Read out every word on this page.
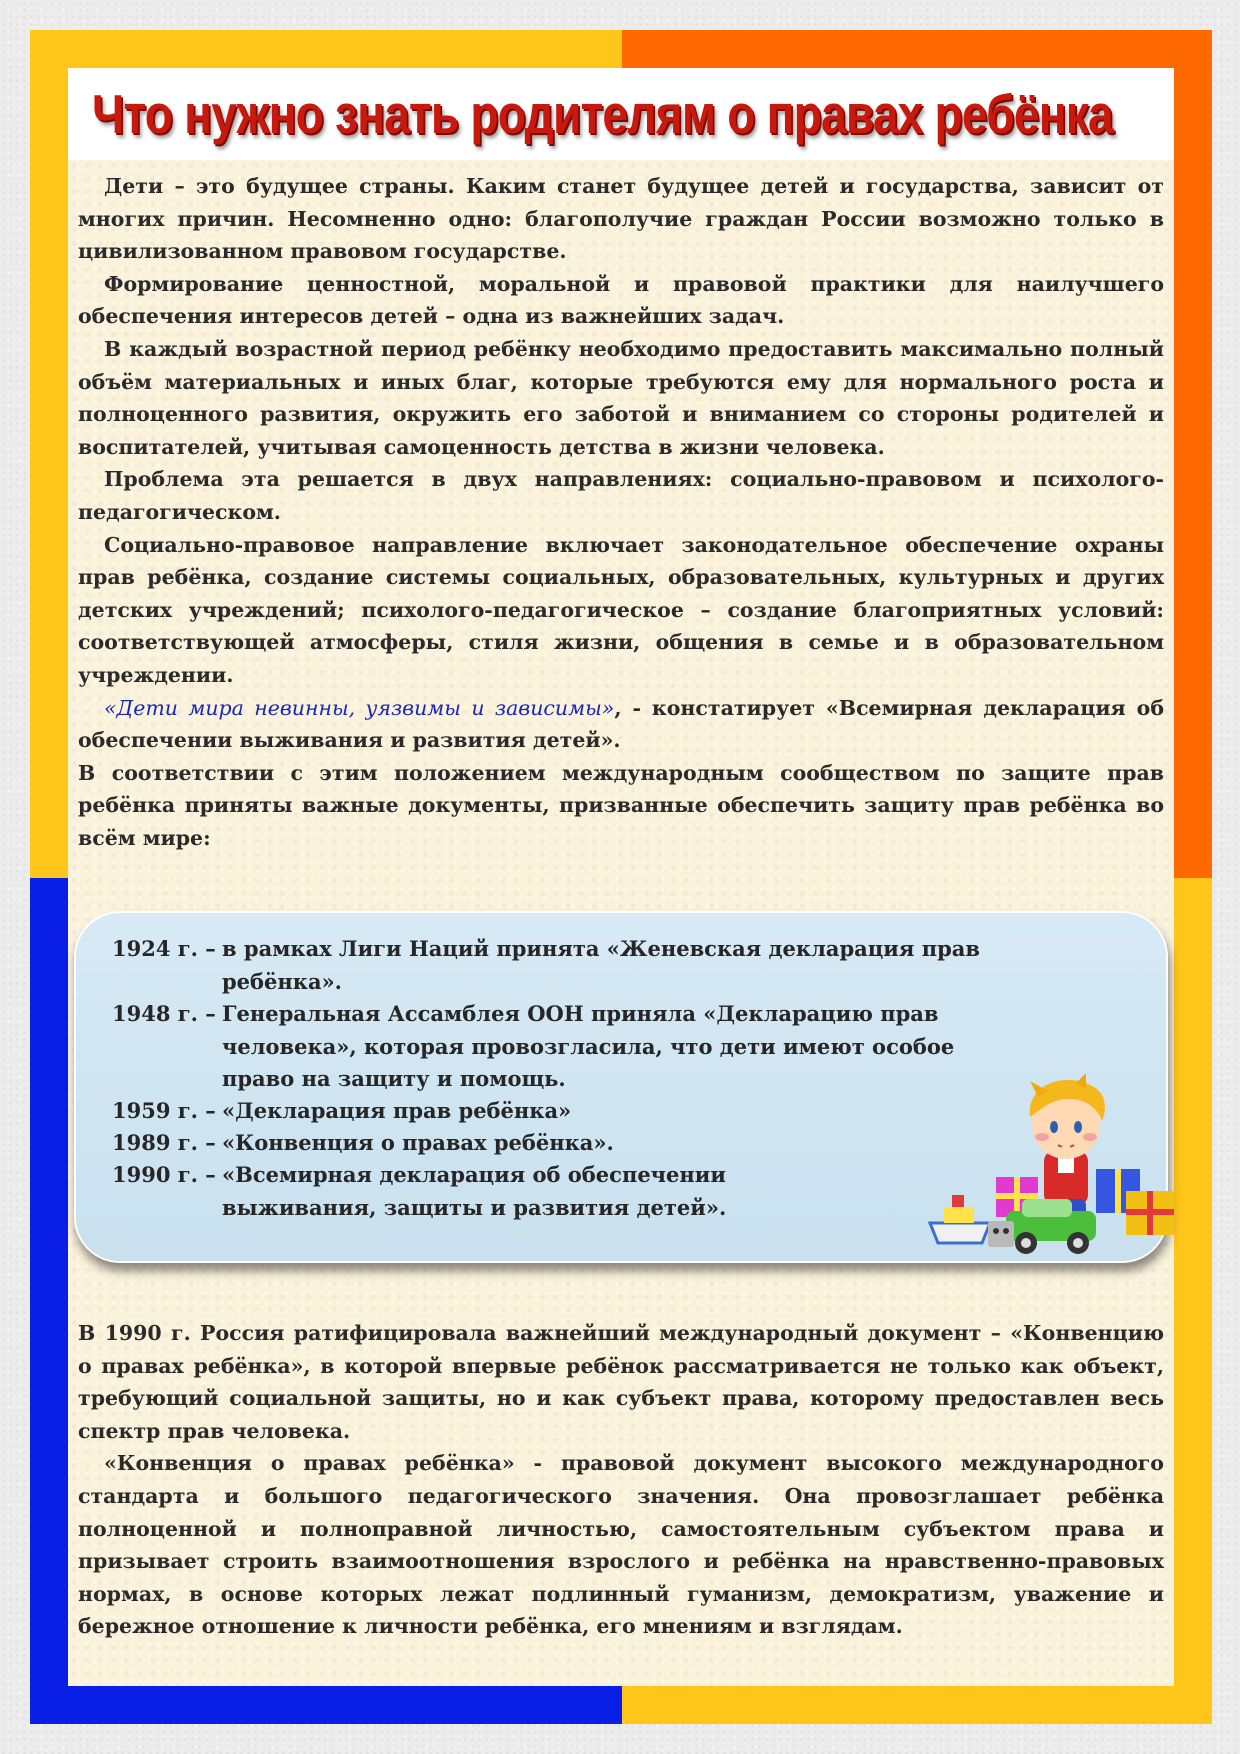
Что нужно знать родителям о правах ребёнка

Дети – это будущее страны. Каким станет будущее детей и государства, зависит от многих причин. Несомненно одно: благополучие граждан России возможно только в цивилизованном правовом государстве.

Формирование ценностной, моральной и правовой практики для наилучшего обеспечения интересов детей – одна из важнейших задач.

В каждый возрастной период ребёнку необходимо предоставить максимально полный объём материальных и иных благ, которые требуются ему для нормального роста и полноценного развития, окружить его заботой и вниманием со стороны родителей и воспитателей, учитывая самоценность детства в жизни человека.

Проблема эта решается в двух направлениях: социально-правовом и психолого-педагогическом.

Социально-правовое направление включает законодательное обеспечение охраны прав ребёнка, создание системы социальных, образовательных, культурных и других детских учреждений; психолого-педагогическое – создание благоприятных условий: соответствующей атмосферы, стиля жизни, общения в семье и в образовательном учреждении.

«Дети мира невинны, уязвимы и зависимы», - констатирует «Всемирная декларация об обеспечении выживания и развития детей».

В соответствии с этим положением международным сообществом по защите прав ребёнка приняты важные документы, призванные обеспечить защиту прав ребёнка во всём мире:

1924 г. – в рамках Лиги Наций принята «Женевская декларация прав ребёнка».
1948 г. – Генеральная Ассамблея ООН приняла «Декларацию прав человека», которая провозгласила, что дети имеют особое право на защиту и помощь.
1959 г. – «Декларация прав ребёнка»
1989 г. – «Конвенция о правах ребёнка».
1990 г. – «Всемирная декларация об обеспечении выживания, защиты и развития детей».

В 1990 г. Россия ратифицировала важнейший международный документ – «Конвенцию о правах ребёнка», в которой впервые ребёнок рассматривается не только как объект, требующий социальной защиты, но и как субъект права, которому предоставлен весь спектр прав человека.

«Конвенция о правах ребёнка» - правовой документ высокого международного стандарта и большого педагогического значения. Она провозглашает ребёнка полноценной и полноправной личностью, самостоятельным субъектом права и призывает строить взаимоотношения взрослого и ребёнка на нравственно-правовых нормах, в основе которых лежат подлинный гуманизм, демократизм, уважение и бережное отношение к личности ребёнка, его мнениям и взглядам.
